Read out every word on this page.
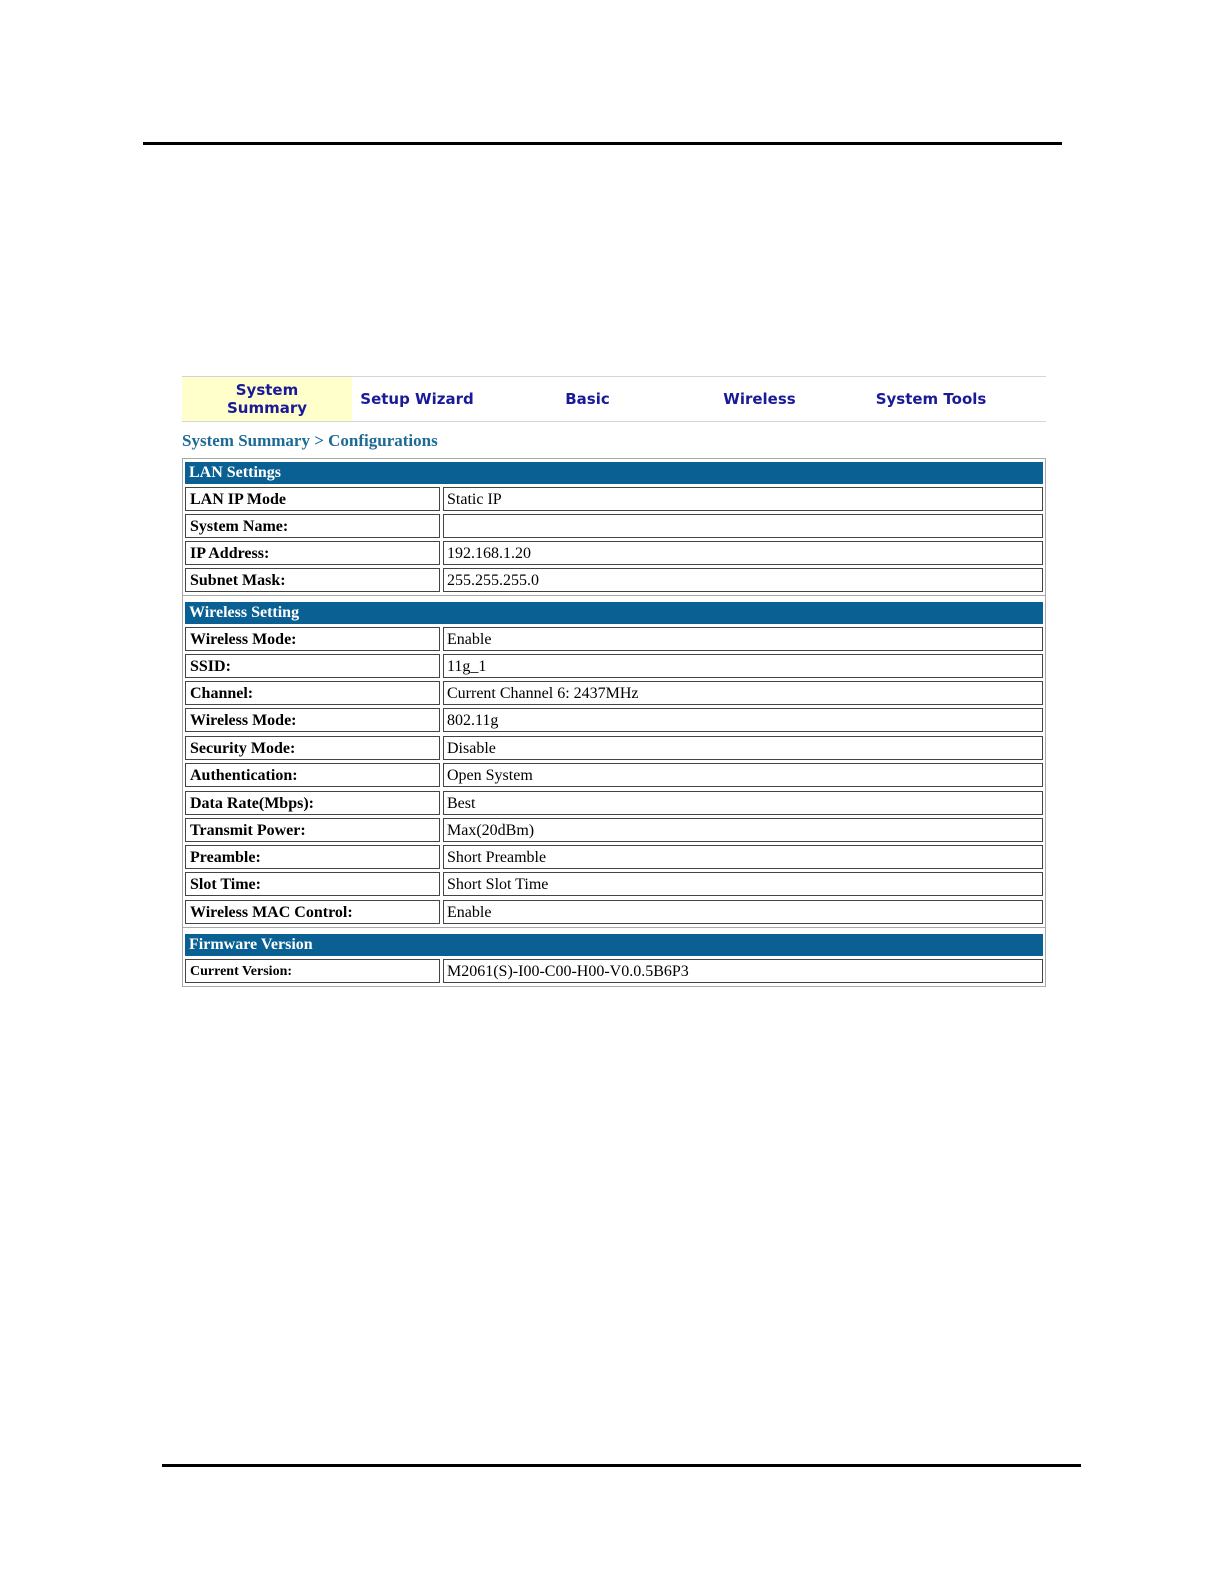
System
Summary	Setup Wizard	Basic	Wireless	System Tools
System Summary > Configurations
LAN Settings
LAN IP Mode	Static IP
System Name:
IP Address:	192.168.1.20
Subnet Mask:	255.255.255.0
Wireless Setting
Wireless Mode:	Enable
SSID:	11g_1
Channel:	Current Channel 6: 2437MHz
Wireless Mode:	802.11g
Security Mode:	Disable
Authentication:	Open System
Data Rate(Mbps):	Best
Transmit Power:	Max(20dBm)
Preamble:	Short Preamble
Slot Time:	Short Slot Time
Wireless MAC Control:	Enable
Firmware Version
Current Version:	M2061(S)-I00-C00-H00-V0.0.5B6P3
